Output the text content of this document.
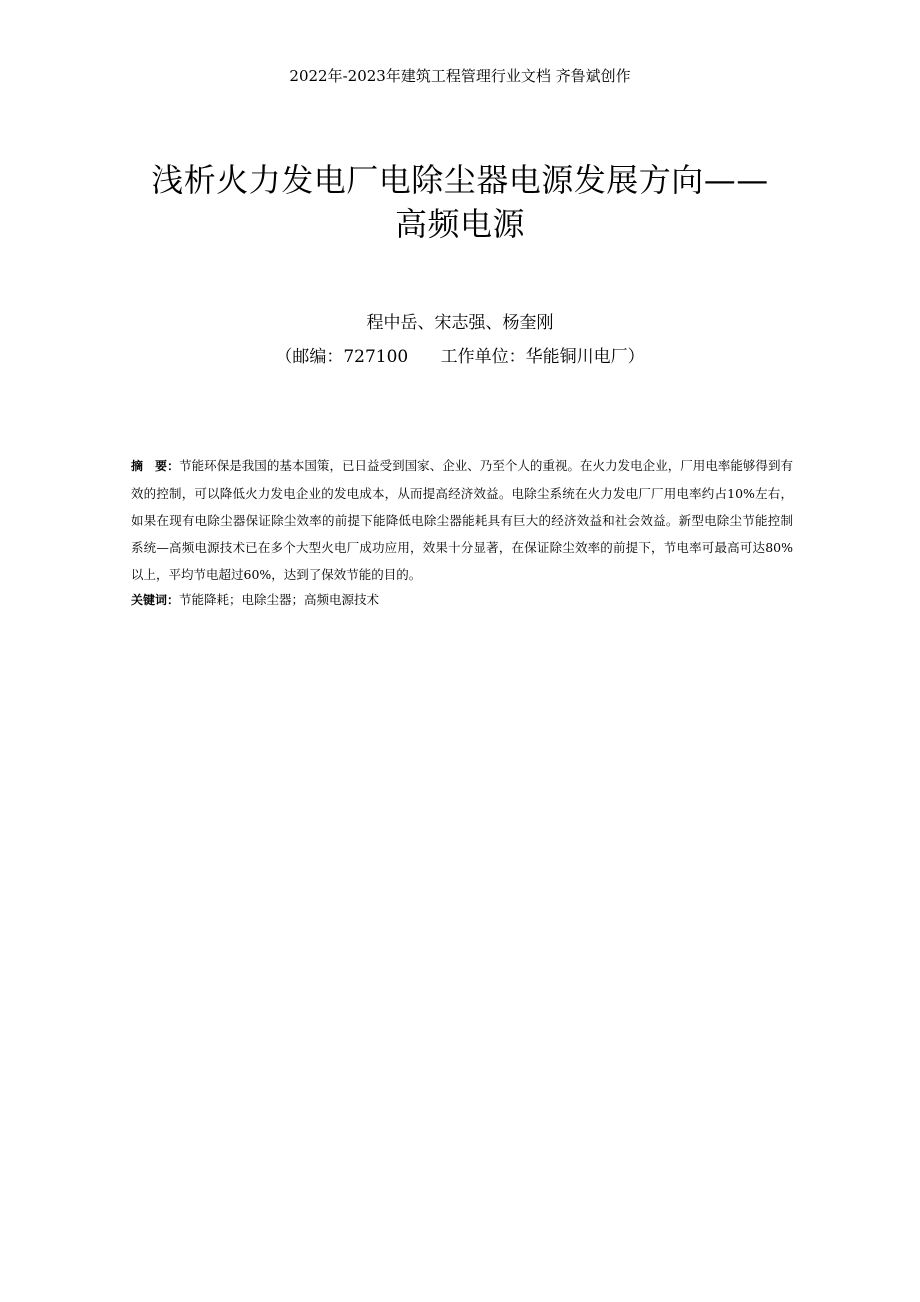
2022年-2023年建筑工程管理行业文档 齐鲁斌创作
浅析火力发电厂电除尘器电源发展方向——
高频电源
程中岳、宋志强、杨奎刚
（邮编：727100      工作单位：华能铜川电厂）
摘　要：节能环保是我国的基本国策，已日益受到国家、企业、乃至个人的重视。在火力发电企业，厂用电率能够得到有效的控制，可以降低火力发电企业的发电成本，从而提高经济效益。电除尘系统在火力发电厂厂用电率约占10%左右，如果在现有电除尘器保证除尘效率的前提下能降低电除尘器能耗具有巨大的经济效益和社会效益。新型电除尘节能控制系统—高频电源技术已在多个大型火电厂成功应用，效果十分显著，在保证除尘效率的前提下，节电率可最高可达80%以上，平均节电超过60%，达到了保效节能的目的。
关键词：节能降耗；电除尘器；高频电源技术
